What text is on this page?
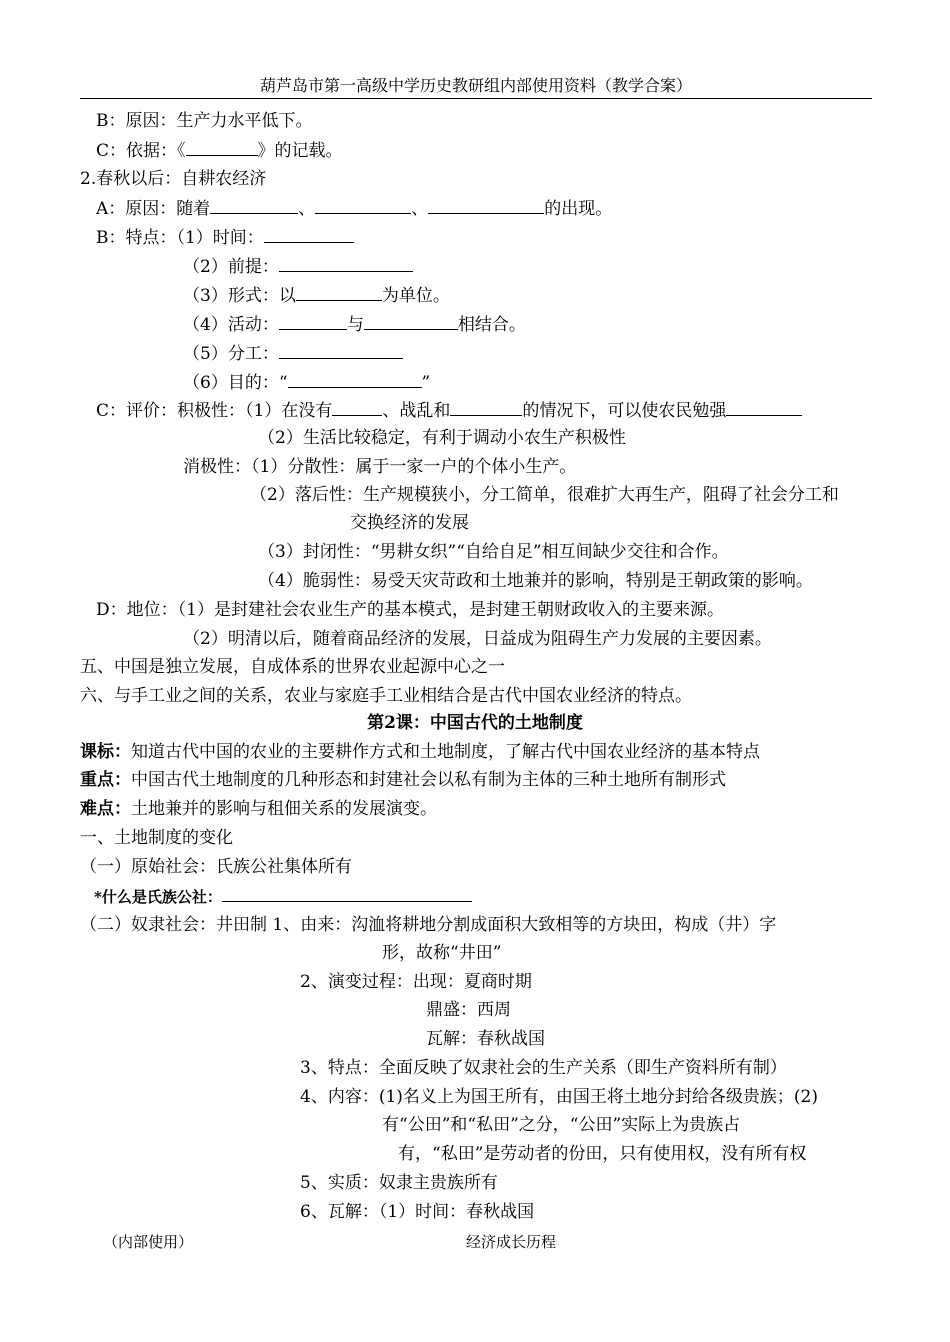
葫芦岛市第一高级中学历史教研组内部使用资料（教学合案）
B：原因：生产力水平低下。
C：依据：《	》的记载。
2.春秋以后：自耕农经济
A：原因：随着	、	、	的出现。
B：特点：（1）时间：
（2）前提：
（3）形式：以	为单位。
（4）活动：	与	相结合。
（5）分工：
（6）目的：“	”
C：评价：积极性：（1）在没有	、战乱和	的情况下，可以使农民勉强
（2）生活比较稳定，有利于调动小农生产积极性
消极性：（1）分散性：属于一家一户的个体小生产。
（2）落后性：生产规模狭小，分工简单，很难扩大再生产，阻碍了社会分工和
交换经济的发展
（3）封闭性：“男耕女织”“自给自足”相互间缺少交往和合作。
（4）脆弱性：易受天灾苛政和土地兼并的影响，特别是王朝政策的影响。
D：地位：（1）是封建社会农业生产的基本模式，是封建王朝财政收入的主要来源。
（2）明清以后，随着商品经济的发展，日益成为阻碍生产力发展的主要因素。
五、中国是独立发展，自成体系的世界农业起源中心之一
六、与手工业之间的关系，农业与家庭手工业相结合是古代中国农业经济的特点。
第2课：中国古代的土地制度
课标：知道古代中国的农业的主要耕作方式和土地制度，了解古代中国农业经济的基本特点
重点：中国古代土地制度的几种形态和封建社会以私有制为主体的三种土地所有制形式
难点：土地兼并的影响与租佃关系的发展演变。
一、土地制度的变化
（一）原始社会：氏族公社集体所有
*什么是氏族公社：
（二）奴隶社会：井田制 1、由来：沟洫将耕地分割成面积大致相等的方块田，构成（井）字
形，故称“井田”
2、演变过程：出现：夏商时期
鼎盛：西周
瓦解：春秋战国
3、特点：全面反映了奴隶社会的生产关系（即生产资料所有制）
4、内容：(1)名义上为国王所有，由国王将土地分封给各级贵族；(2)
有“公田”和“私田”之分，“公田”实际上为贵族占
有，“私田”是劳动者的份田，只有使用权，没有所有权
5、实质：奴隶主贵族所有
6、瓦解：（1）时间：春秋战国
（内部使用）	经济成长历程
